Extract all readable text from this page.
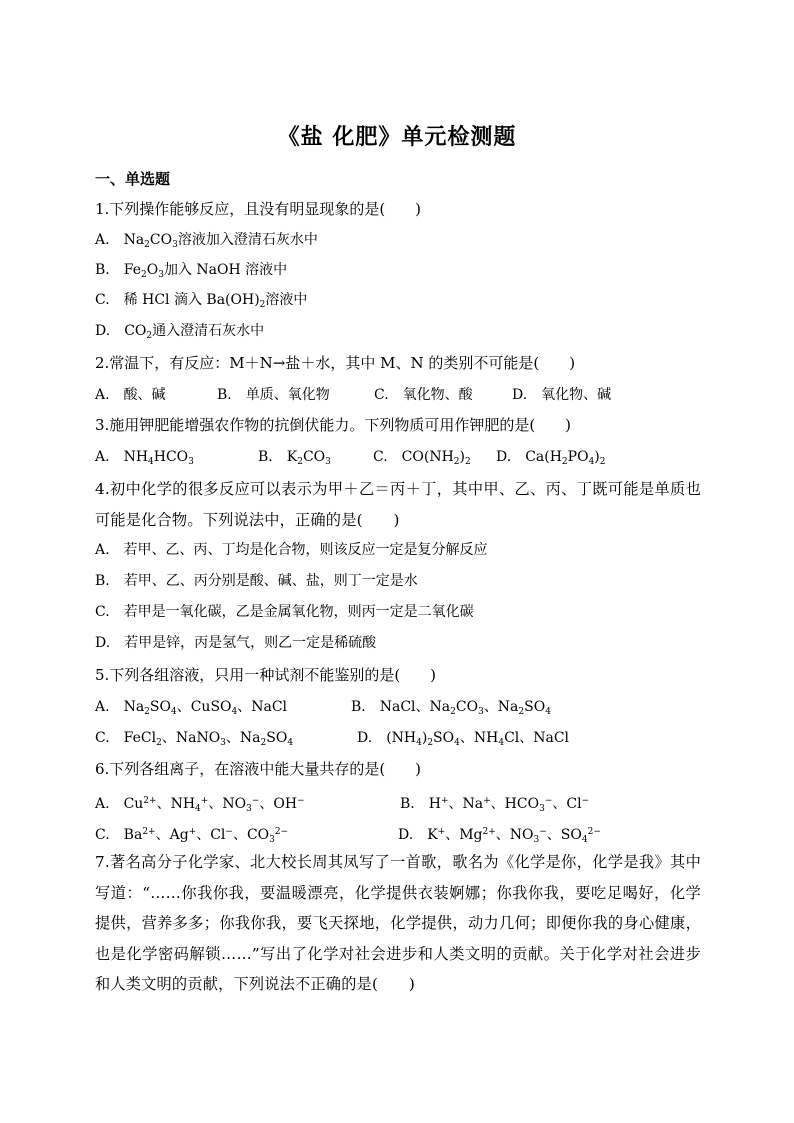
《盐 化肥》单元检测题
一、单选题
1.下列操作能够反应，且没有明显现象的是(　　)
A.　 $Na_2CO_3$溶液加入澄清石灰水中
B.　 $Fe_2O_3$加入 NaOH 溶液中
C.　 稀 HCl 滴入 $Ba(OH)_2$溶液中
D.　 $CO_2$通入澄清石灰水中
2.常温下，有反应：M＋N→盐＋水，其中 M、N 的类别不可能是(　　)
A.　酸、碱	B.　单质、氧化物	C.　氧化物、酸	D.　氧化物、碱
3.施用钾肥能增强农作物的抗倒伏能力。下列物质可用作钾肥的是(　　)
A.　 $NH_4HCO_3$	B.　 $K_2CO_3$	C.　 $CO(NH_2)_2$ D.　 $Ca(H_2PO_4)_2$
4.初中化学的很多反应可以表示为甲＋乙＝丙＋丁，其中甲、乙、丙、丁既可能是单质也可能是化合物。下列说法中，正确的是(　　)
A.　若甲、乙、丙、丁均是化合物，则该反应一定是复分解反应
B.　若甲、乙、丙分别是酸、碱、盐，则丁一定是水
C.　若甲是一氧化碳，乙是金属氧化物，则丙一定是二氧化碳
D.　若甲是锌，丙是氢气，则乙一定是稀硫酸
5.下列各组溶液，只用一种试剂不能鉴别的是(　　)
A.　 $Na_2SO_4$、CuSO$_4$、NaCl	B.　 NaCl、$Na_2CO_3$、$Na_2SO_4$
C.　 FeCl$_2$、NaNO$_3$、$Na_2SO_4$	D.　 $(NH_4)_2SO_4$、$NH_4Cl$、NaCl
6.下列各组离子，在溶液中能大量共存的是(　　)
A.　 $Cu^{2+}$、$NH_4^+$、$NO_3^-$、OH−	B.　 H+、Na+、$HCO_3^-$、Cl−
C.　 $Ba^{2+}$、Ag+、Cl−、$CO_3^{2-}$	D.　 K+、$Mg^{2+}$、$NO_3^-$、$SO_4^{2-}$
7.著名高分子化学家、北大校长周其凤写了一首歌，歌名为《化学是你，化学是我》其中写道：“……你我你我，要温暖漂亮，化学提供衣装婀娜；你我你我，要吃足喝好，化学提供，营养多多；你我你我，要飞天探地，化学提供，动力几何；即便你我的身心健康，也是化学密码解锁……”写出了化学对社会进步和人类文明的贡献。关于化学对社会进步和人类文明的贡献，下列说法不正确的是(　　)
